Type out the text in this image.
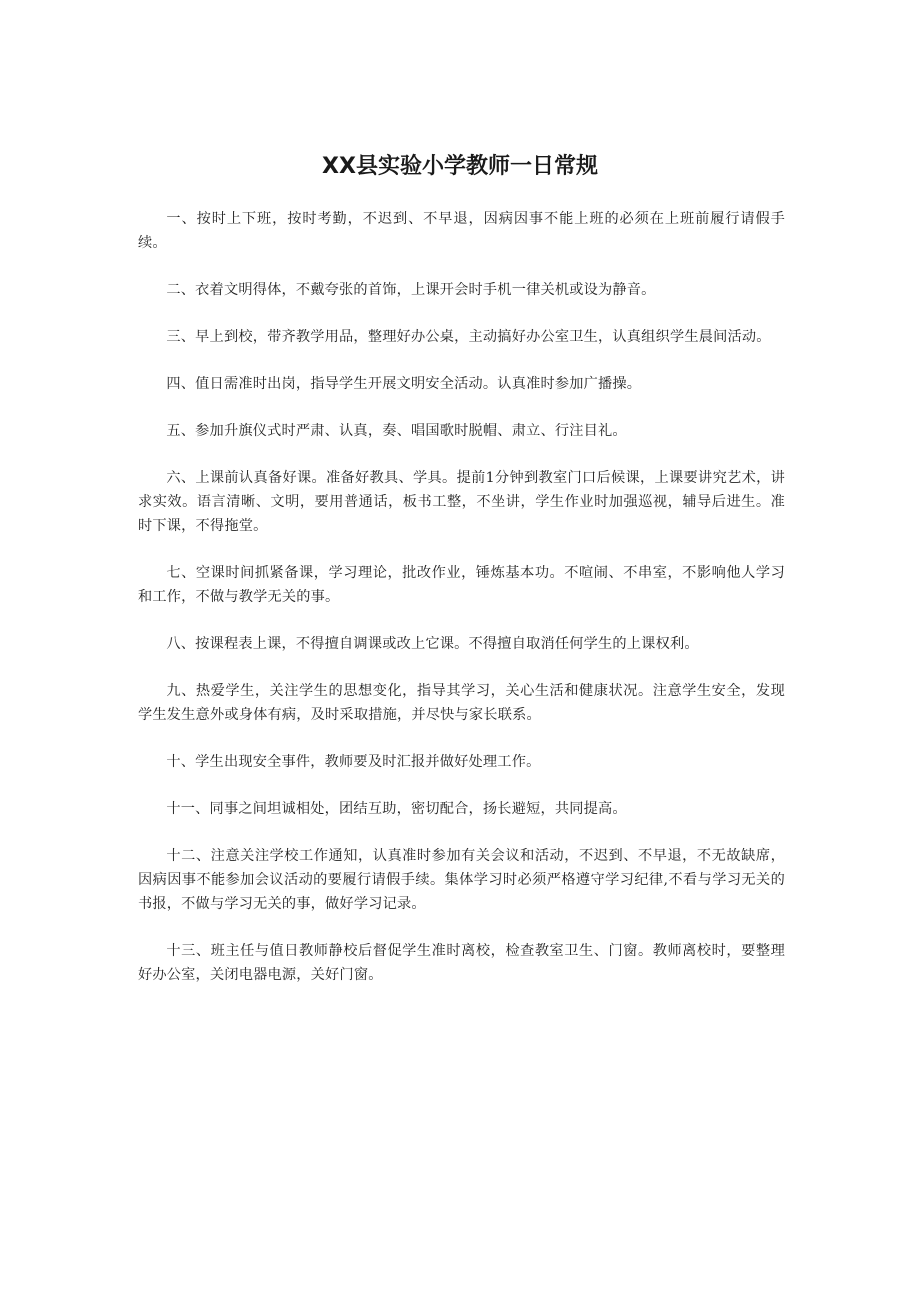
XX县实验小学教师一日常规

一、按时上下班，按时考勤，不迟到、不早退，因病因事不能上班的必须在上班前履行请假手续。

二、衣着文明得体，不戴夸张的首饰，上课开会时手机一律关机或设为静音。

三、早上到校，带齐教学用品，整理好办公桌，主动搞好办公室卫生，认真组织学生晨间活动。

四、值日需准时出岗，指导学生开展文明安全活动。认真准时参加广播操。

五、参加升旗仪式时严肃、认真，奏、唱国歌时脱帽、肃立、行注目礼。

六、上课前认真备好课。准备好教具、学具。提前1分钟到教室门口后候课，上课要讲究艺术，讲求实效。语言清晰、文明，要用普通话，板书工整，不坐讲，学生作业时加强巡视，辅导后进生。准时下课，不得拖堂。

七、空课时间抓紧备课，学习理论，批改作业，锤炼基本功。不喧闹、不串室，不影响他人学习和工作，不做与教学无关的事。

八、按课程表上课，不得擅自调课或改上它课。不得擅自取消任何学生的上课权利。

九、热爱学生，关注学生的思想变化，指导其学习，关心生活和健康状况。注意学生安全，发现学生发生意外或身体有病，及时采取措施，并尽快与家长联系。

十、学生出现安全事件，教师要及时汇报并做好处理工作。

十一、同事之间坦诚相处，团结互助，密切配合，扬长避短，共同提高。

十二、注意关注学校工作通知，认真准时参加有关会议和活动，不迟到、不早退，不无故缺席，因病因事不能参加会议活动的要履行请假手续。集体学习时必须严格遵守学习纪律,不看与学习无关的书报，不做与学习无关的事，做好学习记录。

十三、班主任与值日教师静校后督促学生准时离校，检查教室卫生、门窗。教师离校时，要整理好办公室，关闭电器电源，关好门窗。
